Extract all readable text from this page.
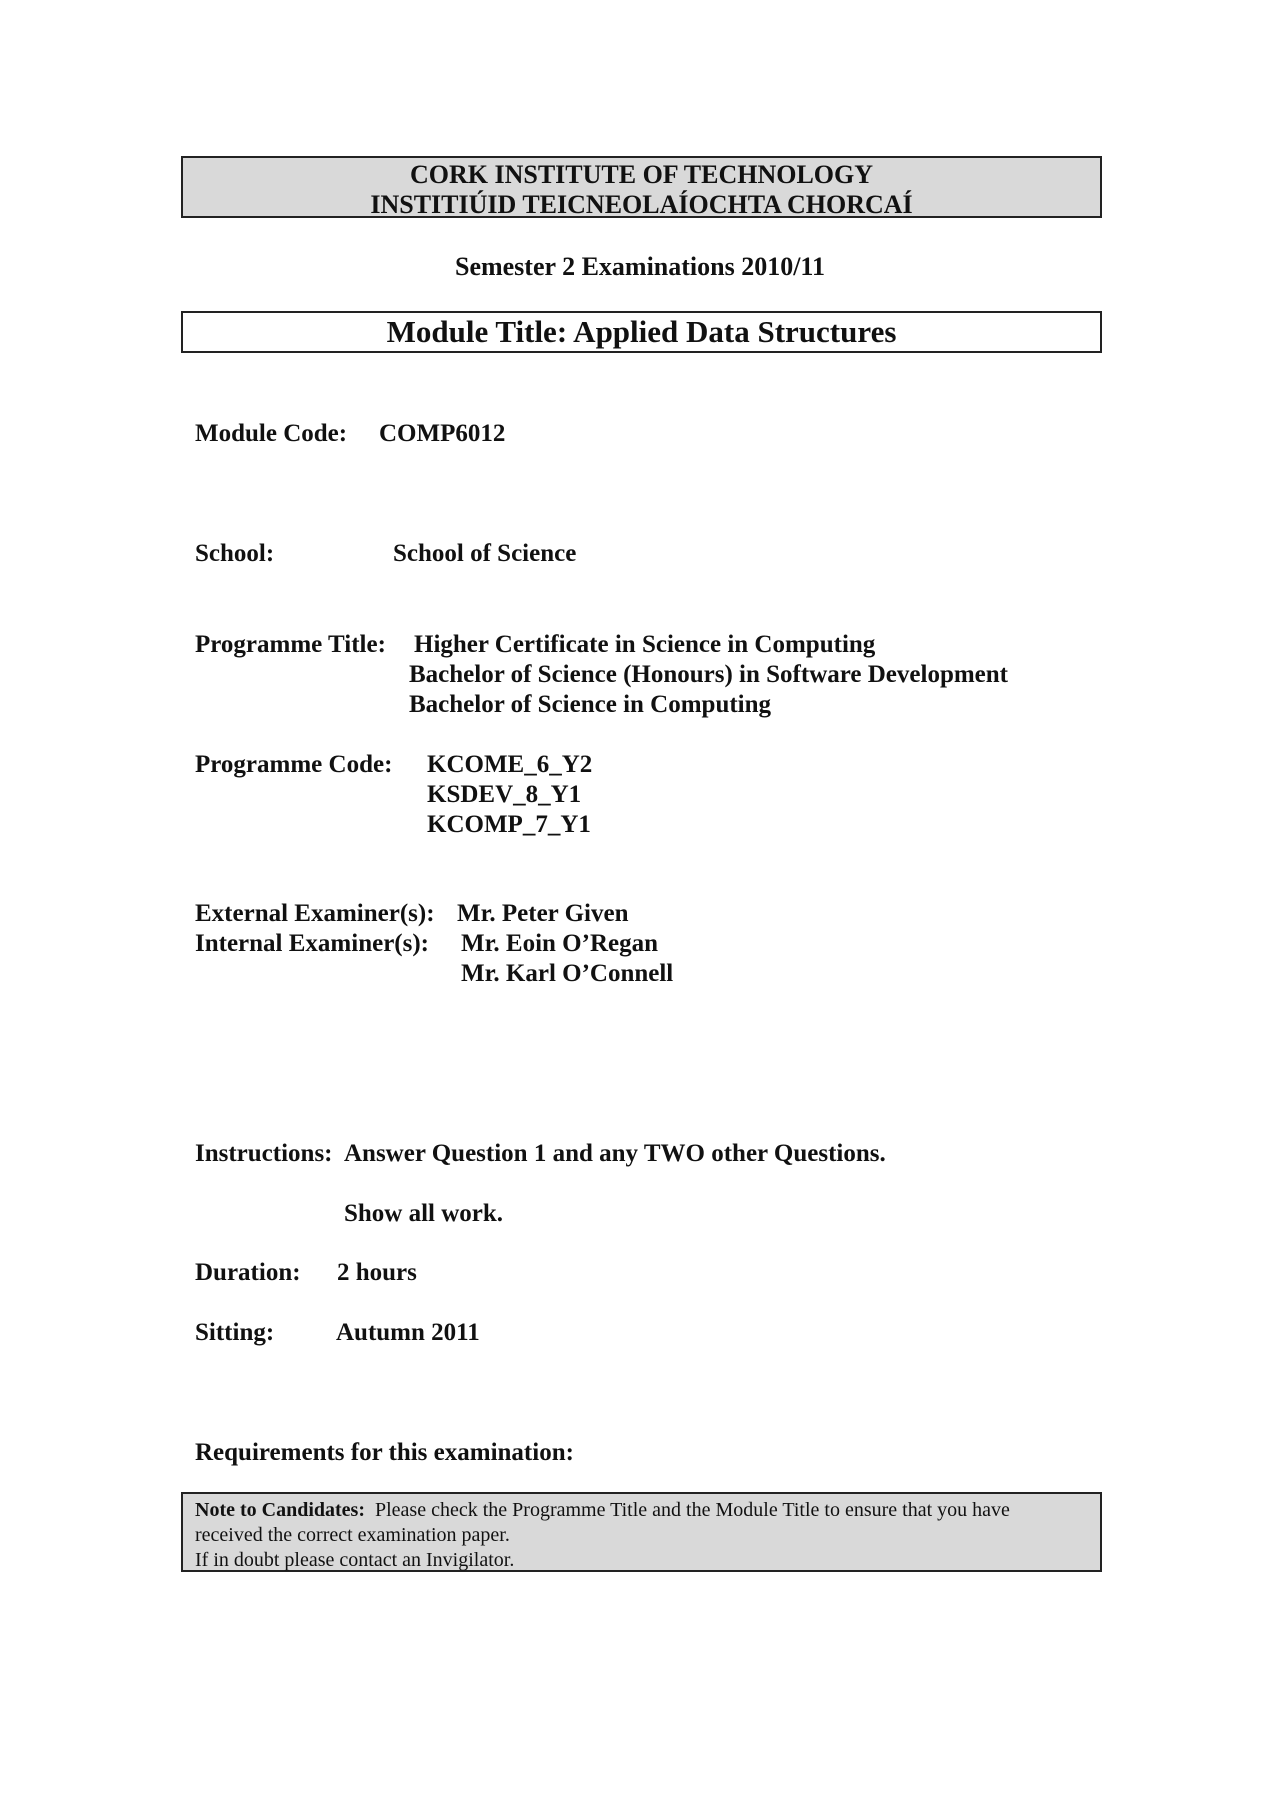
CORK INSTITUTE OF TECHNOLOGY
INSTITIÚID TEICNEOLAÍOCHTA CHORCAÍ
Semester 2 Examinations 2010/11
Module Title: Applied Data Structures
Module Code: COMP6012
School:	School of Science
Programme Title: Higher Certificate in Science in Computing
Bachelor of Science (Honours) in Software Development
Bachelor of Science in Computing
Programme Code: KCOME_6_Y2
KSDEV_8_Y1
KCOMP_7_Y1
External Examiner(s): Mr. Peter Given
Internal Examiner(s): Mr. Eoin O’Regan
Mr. Karl O’Connell
Instructions: Answer Question 1 and any TWO other Questions.
Show all work.
Duration: 2 hours
Sitting: Autumn 2011
Requirements for this examination:
Note to Candidates: Please check the Programme Title and the Module Title to ensure that you have
received the correct examination paper.
If in doubt please contact an Invigilator.
